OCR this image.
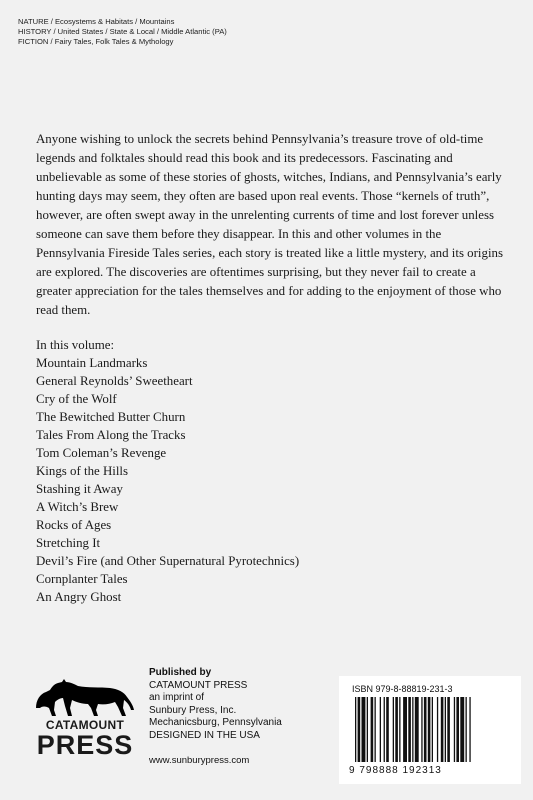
NATURE / Ecosystems & Habitats / Mountains
HISTORY / United States / State & Local / Middle Atlantic (PA)
FICTION / Fairy Tales, Folk Tales & Mythology

Anyone wishing to unlock the secrets behind Pennsylvania’s treasure trove of old-time legends and folktales should read this book and its predecessors. Fascinating and unbelievable as some of these stories of ghosts, witches, Indians, and Pennsylvania’s early hunting days may seem, they often are based upon real events. Those “kernels of truth”, however, are often swept away in the unrelenting currents of time and lost forever unless someone can save them before they disappear. In this and other volumes in the Pennsylvania Fireside Tales series, each story is treated like a little mystery, and its origins are explored. The discoveries are oftentimes surprising, but they never fail to create a greater appreciation for the tales themselves and for adding to the enjoyment of those who read them.

In this volume:
Mountain Landmarks
General Reynolds’ Sweetheart
Cry of the Wolf
The Bewitched Butter Churn
Tales From Along the Tracks
Tom Coleman’s Revenge
Kings of the Hills
Stashing it Away
A Witch’s Brew
Rocks of Ages
Stretching It
Devil’s Fire (and Other Supernatural Pyrotechnics)
Cornplanter Tales
An Angry Ghost
CATAMOUNT
PRESS
Published by
CATAMOUNT PRESS
an imprint of
Sunbury Press, Inc.
Mechanicsburg, Pennsylvania
DESIGNED IN THE USA
www.sunburypress.com
ISBN 979-8-88819-231-3
9 798888 192313
